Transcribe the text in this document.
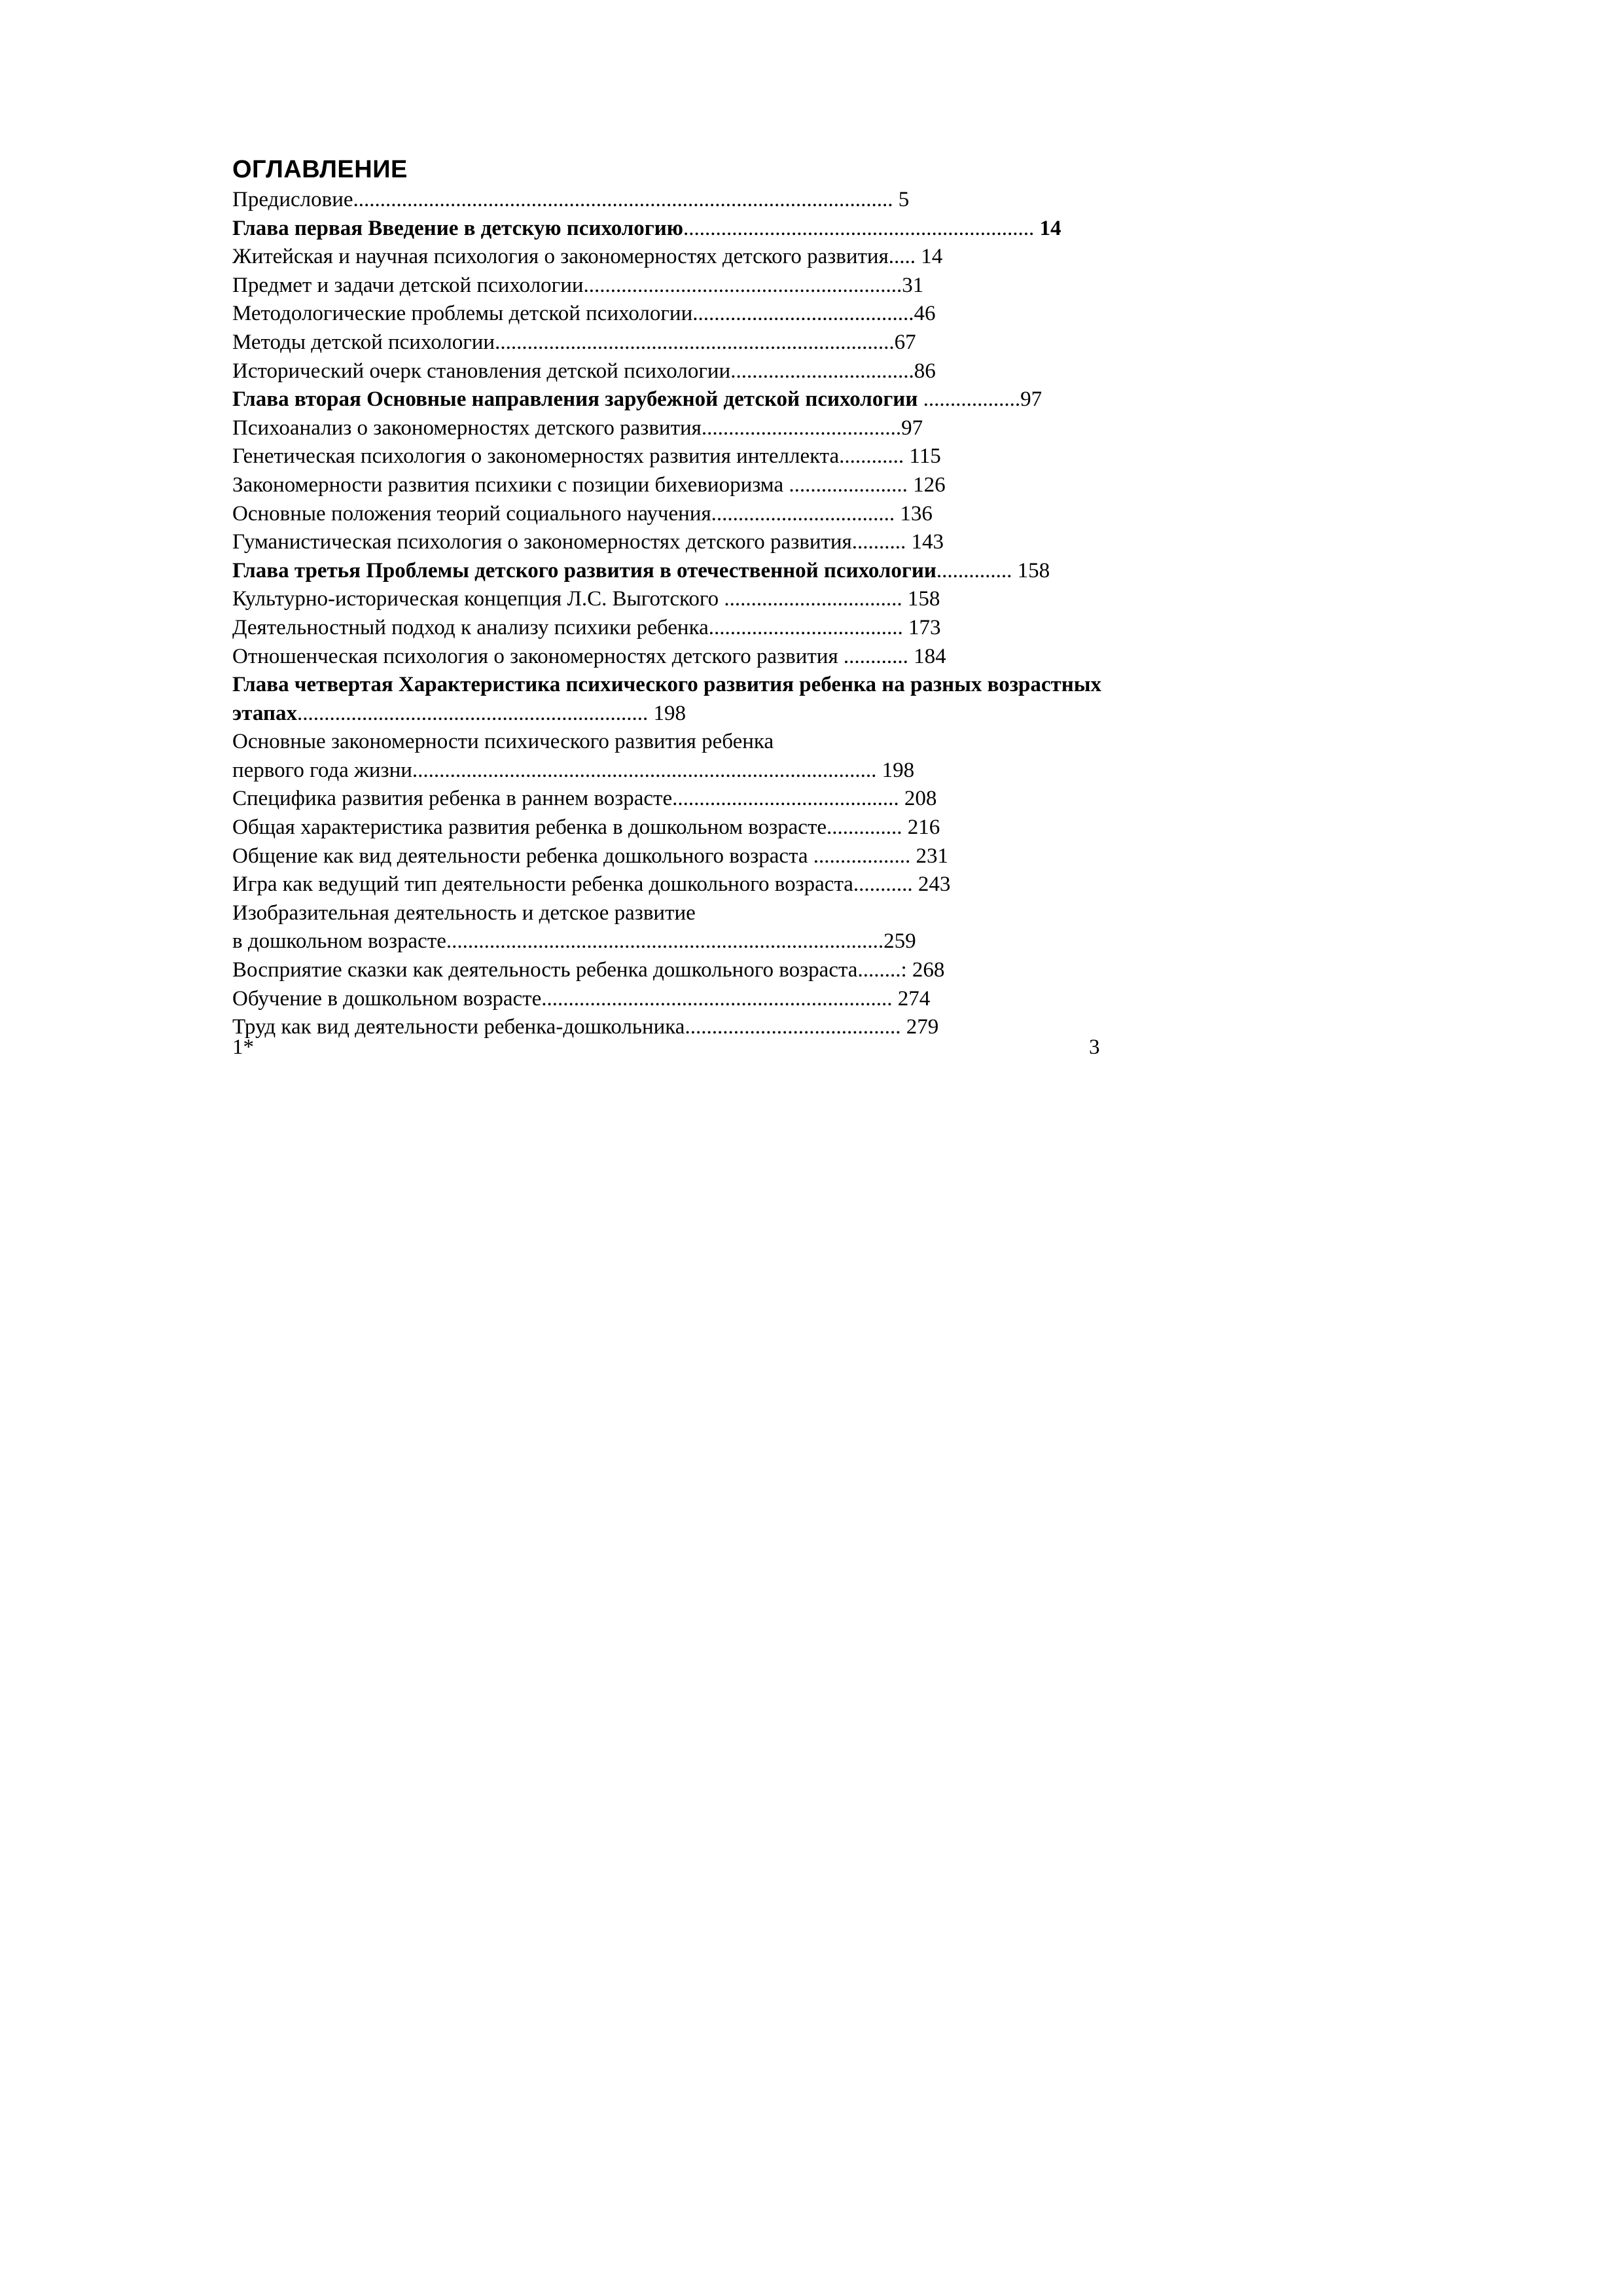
ОГЛАВЛЕНИЕ
Предисловие.................................................................................................... 5
Глава первая Введение в детскую психологию................................................................. 14
Житейская и научная психология о закономерностях детского развития..... 14
Предмет и задачи детской психологии...........................................................31
Методологические проблемы детской психологии.........................................46
Методы детской психологии..........................................................................67
Исторический очерк становления детской психологии..................................86
Глава вторая Основные направления зарубежной детской психологии ..................97
Психоанализ о закономерностях детского развития.....................................97
Генетическая психология о закономерностях развития интеллекта............ 115
Закономерности развития психики с позиции бихевиоризма ...................... 126
Основные положения теорий социального научения.................................. 136
Гуманистическая психология о закономерностях детского развития.......... 143
Глава третья Проблемы детского развития в отечественной психологии.............. 158
Культурно-историческая концепция Л.С. Выготского ................................. 158
Деятельностный подход к анализу психики ребенка.................................... 173
Отношенческая психология о закономерностях детского развития ............ 184
Глава четвертая Характеристика психического развития ребенка на разных возрастных
этапах................................................................. 198
Основные закономерности психического развития ребенка
первого года жизни...................................................................................... 198
Специфика развития ребенка в раннем возрасте.......................................... 208
Общая характеристика развития ребенка в дошкольном возрасте.............. 216
Общение как вид деятельности ребенка дошкольного возраста .................. 231
Игра как ведущий тип деятельности ребенка дошкольного возраста........... 243
Изобразительная деятельность и детское развитие
в дошкольном возрасте.................................................................................259
Восприятие сказки как деятельность ребенка дошкольного возраста........: 268
Обучение в дошкольном возрасте................................................................. 274
Труд как вид деятельности ребенка-дошкольника........................................ 279
1*	3
